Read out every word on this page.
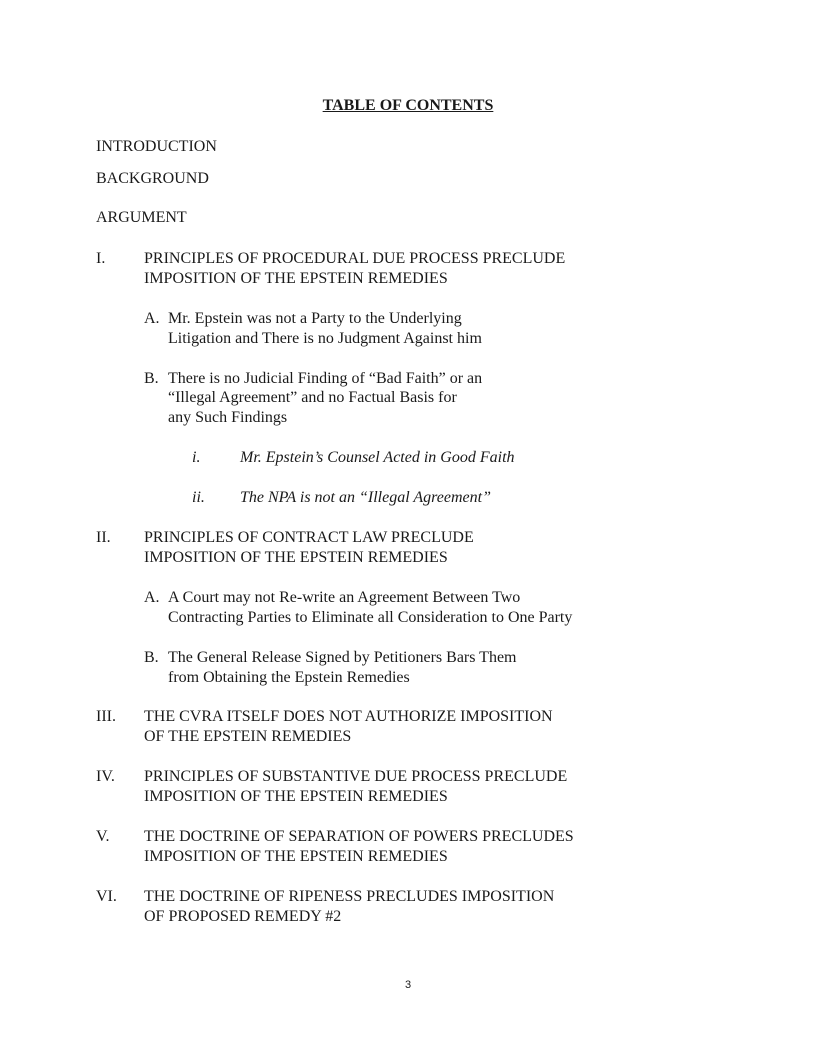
TABLE OF CONTENTS
INTRODUCTION
BACKGROUND
ARGUMENT
I. PRINCIPLES OF PROCEDURAL DUE PROCESS PRECLUDE
IMPOSITION OF THE EPSTEIN REMEDIES
A. Mr. Epstein was not a Party to the Underlying
Litigation and There is no Judgment Against him
B. There is no Judicial Finding of “Bad Faith” or an
“Illegal Agreement” and no Factual Basis for
any Such Findings
i. Mr. Epstein’s Counsel Acted in Good Faith
ii. The NPA is not an “Illegal Agreement”
II. PRINCIPLES OF CONTRACT LAW PRECLUDE
IMPOSITION OF THE EPSTEIN REMEDIES
A. A Court may not Re-write an Agreement Between Two
Contracting Parties to Eliminate all Consideration to One Party
B. The General Release Signed by Petitioners Bars Them
from Obtaining the Epstein Remedies
III. THE CVRA ITSELF DOES NOT AUTHORIZE IMPOSITION
OF THE EPSTEIN REMEDIES
IV. PRINCIPLES OF SUBSTANTIVE DUE PROCESS PRECLUDE
IMPOSITION OF THE EPSTEIN REMEDIES
V. THE DOCTRINE OF SEPARATION OF POWERS PRECLUDES
IMPOSITION OF THE EPSTEIN REMEDIES
VI. THE DOCTRINE OF RIPENESS PRECLUDES IMPOSITION
OF PROPOSED REMEDY #2
3
